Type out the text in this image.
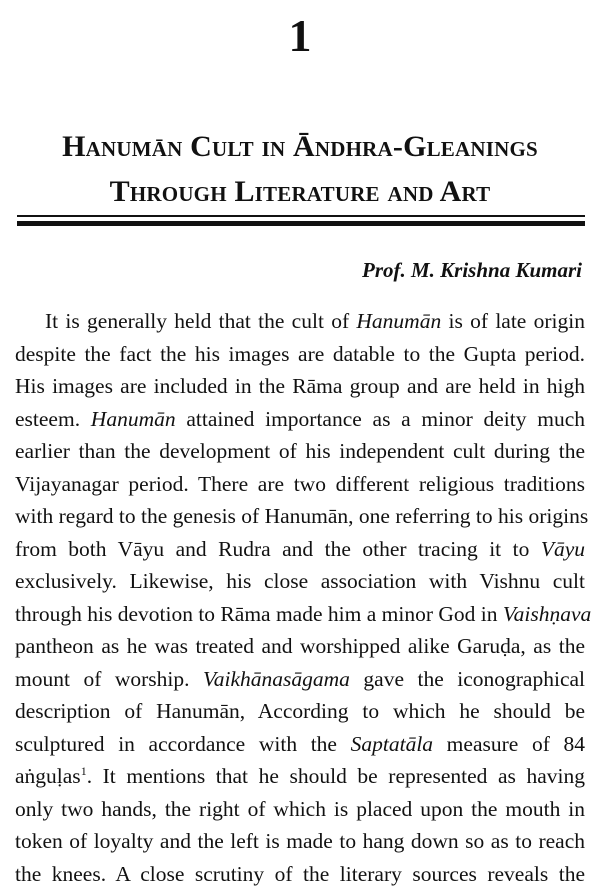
1
Hanumān Cult in Āndhra-Gleanings
Through Literature and Art
Prof. M. Krishna Kumari
It is generally held that the cult of Hanumān is of late origin
despite the fact the his images are datable to the Gupta period.
His images are included in the Rāma group and are held in high
esteem. Hanumān attained importance as a minor deity much
earlier than the development of his independent cult during the
Vijayanagar period. There are two different religious traditions
with regard to the genesis of Hanumān, one referring to his origins
from both Vāyu and Rudra and the other tracing it to Vāyu
exclusively. Likewise, his close association with Vishnu cult
through his devotion to Rāma made him a minor God in Vaishṇava
pantheon as he was treated and worshipped alike Garuḍa, as the
mount of worship. Vaikhānasāgama gave the iconographical
description of Hanumān, According to which he should be
sculptured in accordance with the Saptatāla measure of 84
aṅguḷas$^1$. It mentions that he should be represented as having
only two hands, the right of which is placed upon the mouth in
token of loyalty and the left is made to hang down so as to reach
the knees. A close scrutiny of the literary sources reveals the
